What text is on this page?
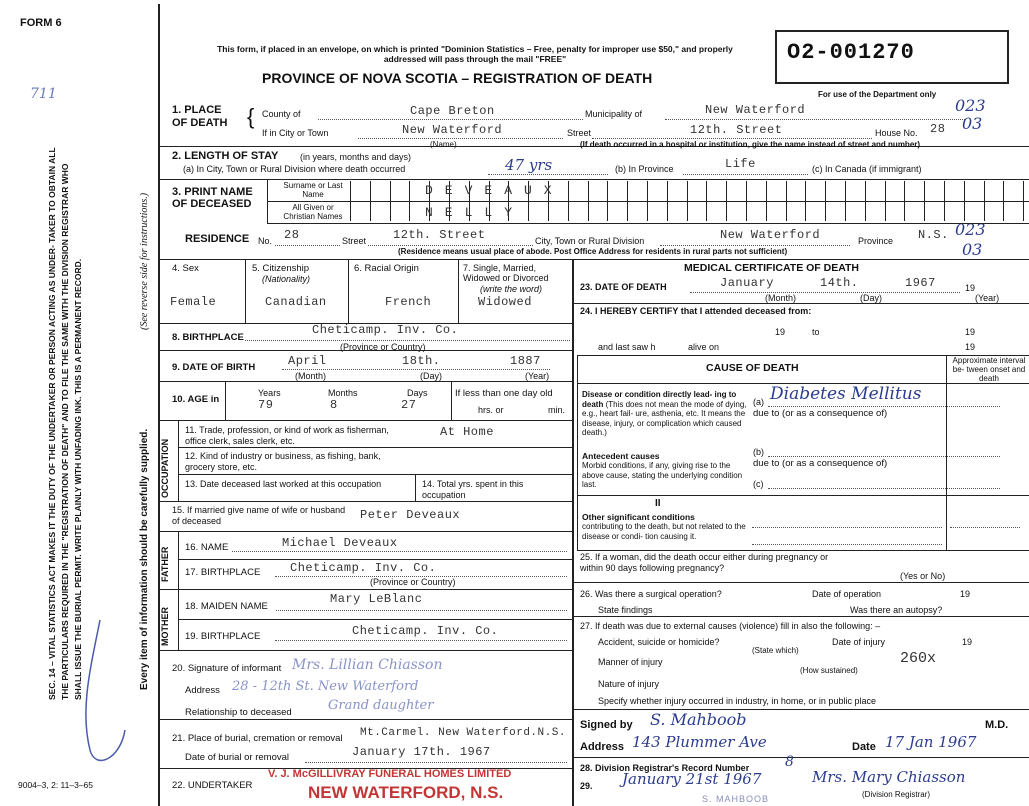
FORM 6
This form, if placed in an envelope, on which is printed "Dominion Statistics – Free, penalty for improper use $50," and properly addressed will pass through the mail "FREE"
PROVINCE OF NOVA SCOTIA – REGISTRATION OF DEATH
O2-001270
For use of the Department only
023
03
023
03
SEC. 14 – VITAL STATISTICS ACT MAKES IT THE DUTY OF THE UNDERTAKER OR PERSON ACTING AS UNDER- TAKER TO OBTAIN ALL THE PARTICULARS REQUIRED IN THE "REGISTRATION OF DEATH" AND TO FILE THE SAME WITH THE DIVISION REGISTRAR WHO SHALL ISSUE THE BURIAL PERMIT. WRITE PLAINLY WITH UNFADING INK. THIS IS A PERMANENT RECORD.	Every item of information should be carefully supplied.
(See reverse side for instructions.)
711
1. PLACE OF DEATH { County of	Cape Breton	Municipality of	New Waterford
If in City or Town	New Waterford
(Name)
Street	12th. Street	House No. 28
(If death occurred in a hospital or institution, give the name instead of street and number)
2. LENGTH OF STAY (in years, months and days)
(a) In City, Town or Rural Division where death occurred	47 yrs	(b) In Province	Life	(c) In Canada (if immigrant)
3. PRINT NAME OF DECEASED
Surname or Last Name
All Given or Christian Names
DEVEAUX
NELLY
RESIDENCE No. 28	Street 12th. Street	City, Town or Rural Division	New Waterford	Province N.S.
(Residence means usual place of abode. Post Office Address for residents in rural parts not sufficient)
4. Sex
Female
5. Citizenship
(Nationality)
Canadian
6. Racial Origin
French
7. Single, Married, Widowed or Divorced
(write the word)
Widowed
8. BIRTHPLACE
Cheticamp. Inv. Co.
(Province or Country)
9. DATE OF BIRTH	April	18th.	1887
(Month)	(Day)	(Year)
10. AGE in
Years
79
Months
8
Days
27
If less than one day old
hrs. or	min.
OCCUPATION
11. Trade, profession, or kind of work as fisherman, office clerk, sales clerk, etc.
At Home
12. Kind of industry or business, as fishing, bank, grocery store, etc.
13. Date deceased last worked at this occupation	14. Total yrs. spent in this occupation
15. If married give name of wife or husband of deceased	Peter Deveaux
FATHER 16. NAME	Michael Deveaux
17. BIRTHPLACE Cheticamp. Inv. Co.
(Province or Country)
MOTHER
18. MAIDEN NAME
Mary LeBlanc
19. BIRTHPLACE	Cheticamp. Inv. Co.
20. Signature of informant Mrs. Lillian Chiasson
Address 28 - 12th St. New Waterford
Relationship to deceased	Grand daughter
21. Place of burial, cremation or removal Mt.Carmel. New Waterford.N.S.
Date of burial or removal	January 17th. 1967
22. UNDERTAKER
V. J. McGILLIVRAY FUNERAL HOMES LIMITED
NEW WATERFORD, N.S.
9004–3, 2: 11–3–65
MEDICAL CERTIFICATE OF DEATH
23. DATE OF DEATH	January	14th.	1967	19
(Month)	(Day)	(Year)
24. I HEREBY CERTIFY that I attended deceased from:
19	to	19
and last saw h	alive on	19
CAUSE OF DEATH
Approximate interval be- tween onset and death
Disease or condition directly lead- ing to death (This does not mean the mode of dying, e.g., heart fail- ure, asthenia, etc. It means the disease, injury, or complication which caused death.)
(a) Diabetes Mellitus
due to (or as a consequence of)
Antecedent causes
Morbid conditions, if any, giving rise to the above cause, stating the underlying condition last.
(b)
due to (or as a consequence of)
(c)
II
Other significant conditions
contributing to the death, but not related to the disease or condi- tion causing it.
25. If a woman, did the death occur either during pregnancy or within 90 days following pregnancy?
(Yes or No)
26. Was there a surgical operation?	Date of operation	19
State findings	Was there an autopsy?
27. If death was due to external causes (violence) fill in also the following: –
Accident, suicide or homicide?
(State which)
Date of injury	19
Manner of injury	260x
(How sustained)
Nature of injury
Specify whether injury occurred in industry, in home, or in public place
Signed by S. Mahboob	M.D.
Address 143 Plummer Ave	Date 17 Jan 1967
28. Division Registrar's Record Number	8
29. January 21st 1967	Mrs. Mary Chiasson
(Division Registrar)
S. MAHBOOB
